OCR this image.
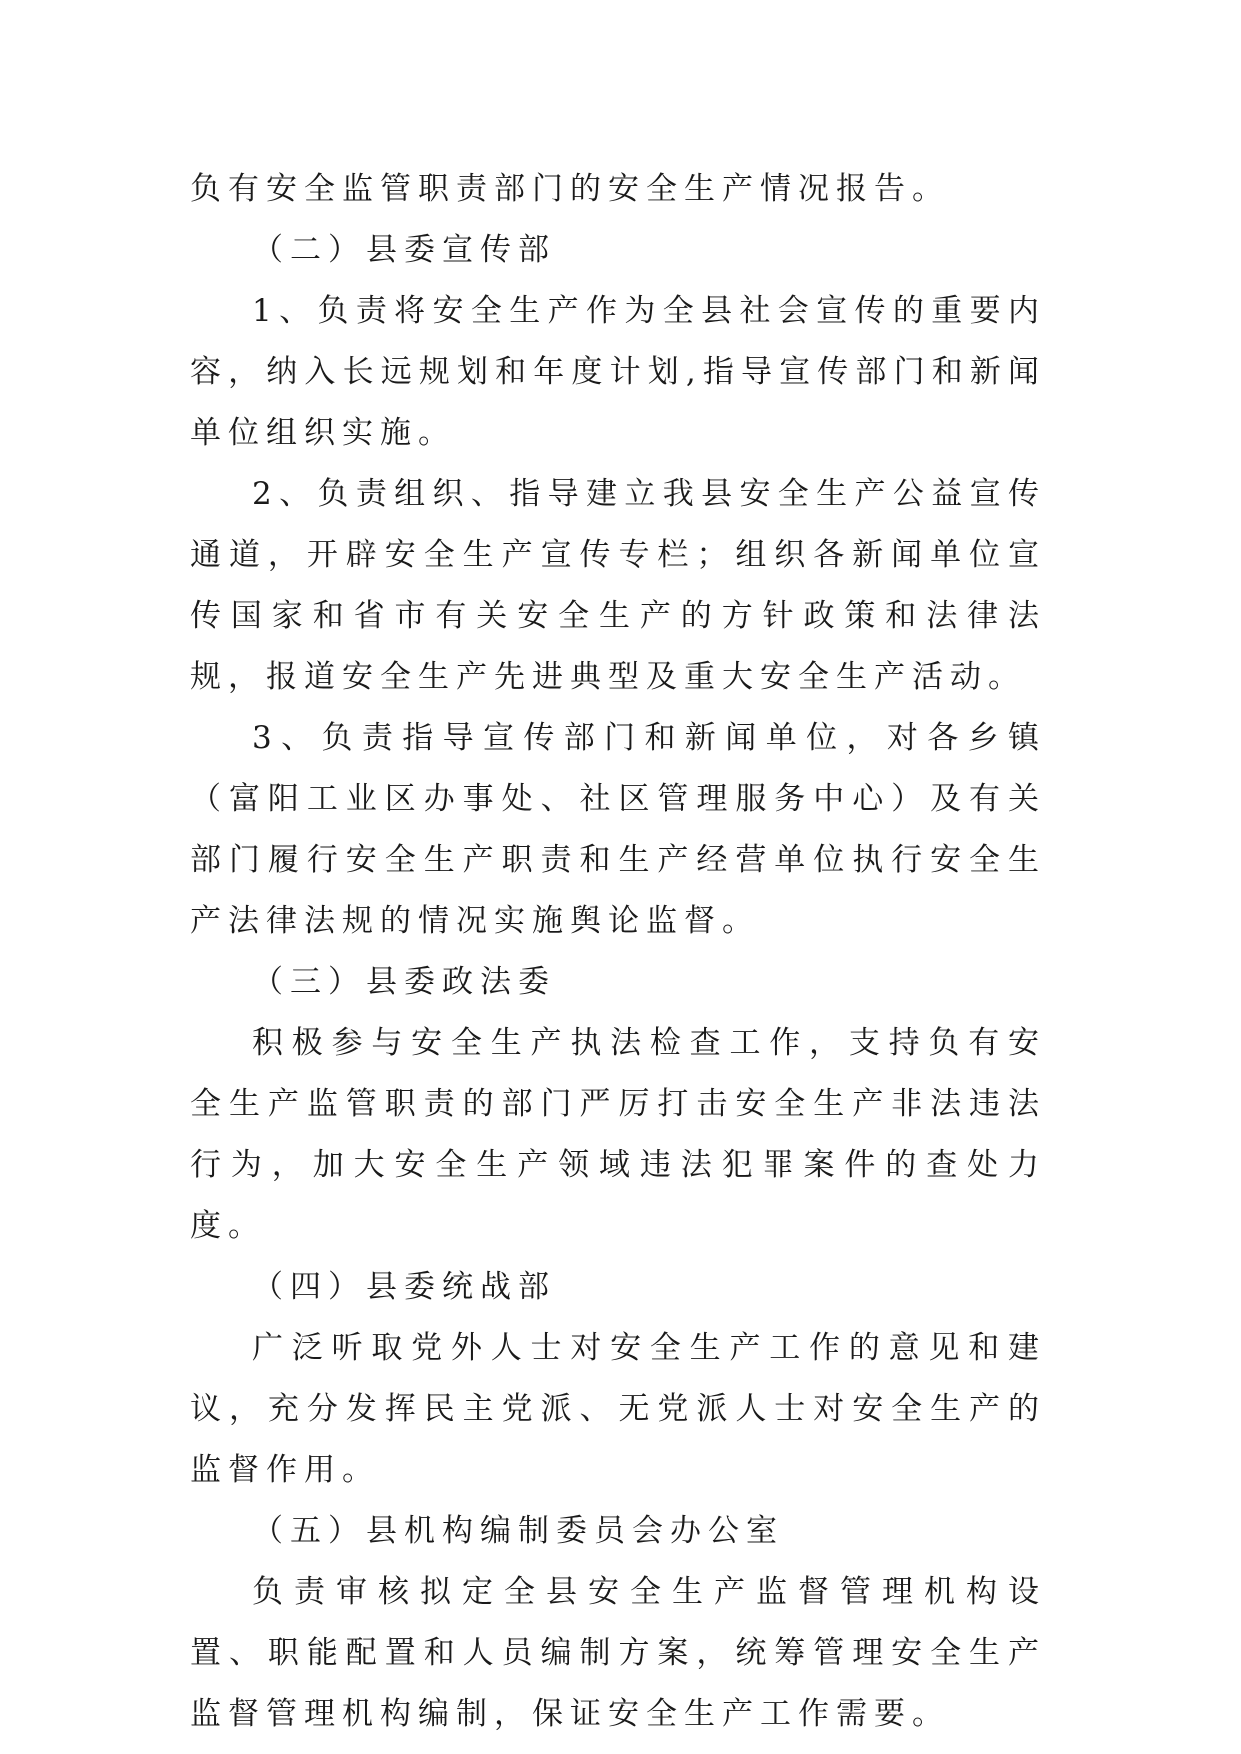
负有安全监管职责部门的安全生产情况报告。

（二）县委宣传部

1、负责将安全生产作为全县社会宣传的重要内容，纳入长远规划和年度计划,指导宣传部门和新闻单位组织实施。

2、负责组织、指导建立我县安全生产公益宣传通道，开辟安全生产宣传专栏；组织各新闻单位宣传国家和省市有关安全生产的方针政策和法律法规，报道安全生产先进典型及重大安全生产活动。

3、负责指导宣传部门和新闻单位，对各乡镇（富阳工业区办事处、社区管理服务中心）及有关部门履行安全生产职责和生产经营单位执行安全生产法律法规的情况实施舆论监督。

（三）县委政法委

积极参与安全生产执法检查工作，支持负有安全生产监管职责的部门严厉打击安全生产非法违法行为，加大安全生产领域违法犯罪案件的查处力度。

（四）县委统战部

广泛听取党外人士对安全生产工作的意见和建议，充分发挥民主党派、无党派人士对安全生产的监督作用。

（五）县机构编制委员会办公室

负责审核拟定全县安全生产监督管理机构设置、职能配置和人员编制方案，统筹管理安全生产监督管理机构编制，保证安全生产工作需要。
